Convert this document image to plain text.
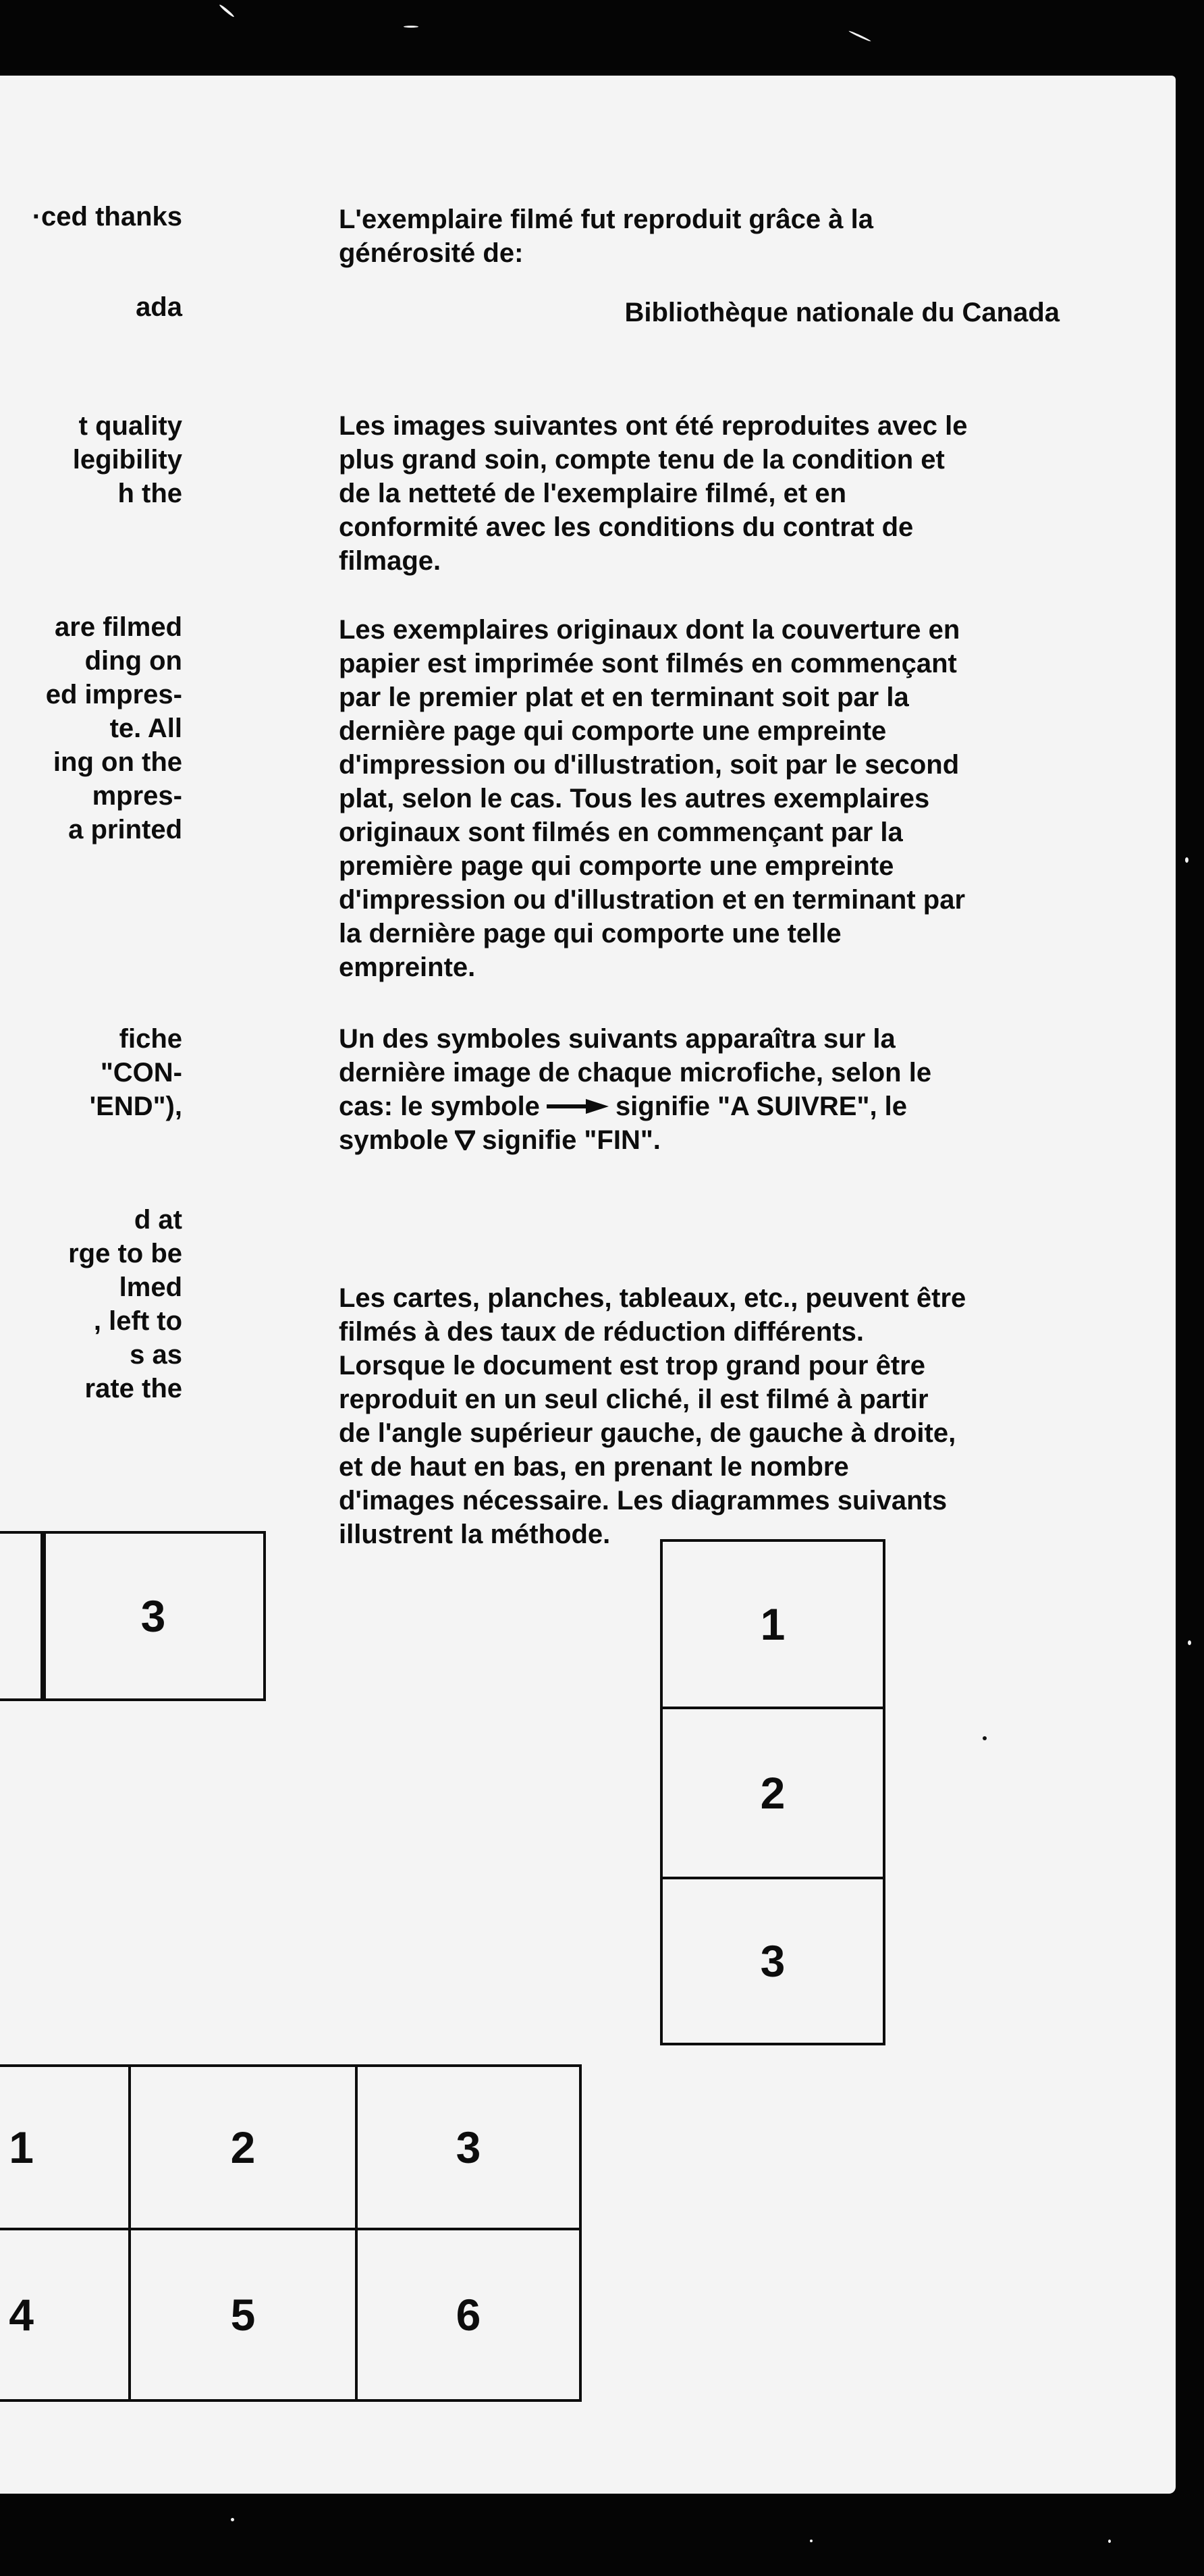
·ced thanks

ada

t quality
legibility
h the

are filmed
ding on
ed impres-
te. All
ing on the
mpres-
a printed

fiche
"CON-
'END"),

d at
rge to be
lmed
, left to
s as
rate the

L'exemplaire filmé fut reproduit grâce à la
générosité de:

Bibliothèque nationale du Canada

Les images suivantes ont été reproduites avec le
plus grand soin, compte tenu de la condition et
de la netteté de l'exemplaire filmé, et en
conformité avec les conditions du contrat de
filmage.

Les exemplaires originaux dont la couverture en
papier est imprimée sont filmés en commençant
par le premier plat et en terminant soit par la
dernière page qui comporte une empreinte
d'impression ou d'illustration, soit par le second
plat, selon le cas. Tous les autres exemplaires
originaux sont filmés en commençant par la
première page qui comporte une empreinte
d'impression ou d'illustration et en terminant par
la dernière page qui comporte une telle
empreinte.

Un des symboles suivants apparaîtra sur la
dernière image de chaque microfiche, selon le
cas: le symbole	signifie "A SUIVRE", le
symbole signifie "FIN".

Les cartes, planches, tableaux, etc., peuvent être
filmés à des taux de réduction différents.
Lorsque le document est trop grand pour être
reproduit en un seul cliché, il est filmé à partir
de l'angle supérieur gauche, de gauche à droite,
et de haut en bas, en prenant le nombre
d'images nécessaire. Les diagrammes suivants
illustrent la méthode.

3	1
2
3
1	2	3
4	5	6
